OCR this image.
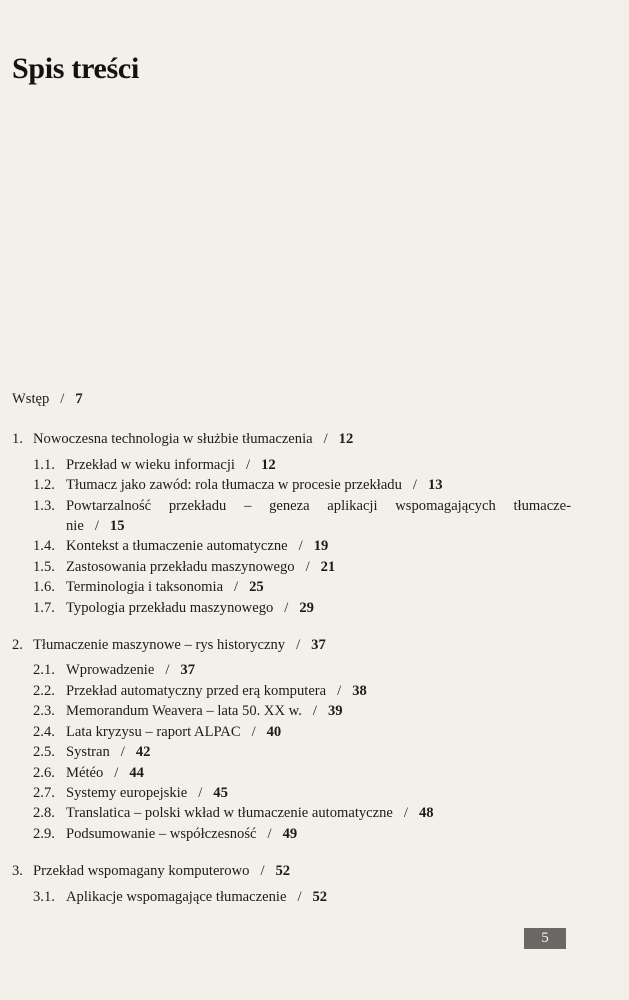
Spis treści
Wstęp / 7
1. Nowoczesna technologia w służbie tłumaczenia / 12
1.1. Przekład w wieku informacji / 12
1.2. Tłumacz jako zawód: rola tłumacza w procesie przekładu / 13
1.3. Powtarzalność przekładu – geneza aplikacji wspomagających tłumacze-
nie / 15
1.4. Kontekst a tłumaczenie automatyczne / 19
1.5. Zastosowania przekładu maszynowego / 21
1.6. Terminologia i taksonomia / 25
1.7. Typologia przekładu maszynowego / 29
2. Tłumaczenie maszynowe – rys historyczny / 37
2.1. Wprowadzenie / 37
2.2. Przekład automatyczny przed erą komputera / 38
2.3. Memorandum Weavera – lata 50. XX w. / 39
2.4. Lata kryzysu – raport ALPAC / 40
2.5. Systran / 42
2.6. Météo / 44
2.7. Systemy europejskie / 45
2.8. Translatica – polski wkład w tłumaczenie automatyczne / 48
2.9. Podsumowanie – współczesność / 49
3. Przekład wspomagany komputerowo / 52
3.1. Aplikacje wspomagające tłumaczenie / 52
5
